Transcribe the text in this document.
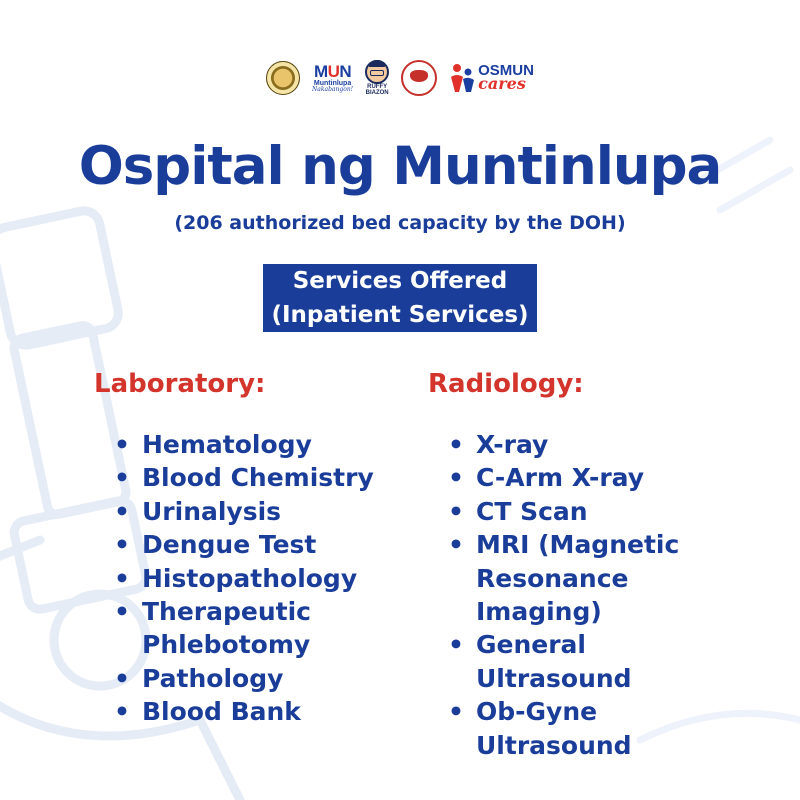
MUN
Muntinlupa
Nakabangon! RUFFY
BIAZON
OSMUN
cares
Ospital ng Muntinlupa
(206 authorized bed capacity by the DOH)
Services Offered
(Inpatient Services)
Laboratory:
• Hematology
• Blood Chemistry
• Urinalysis
• Dengue Test
• Histopathology
• Therapeutic Phlebotomy
• Pathology
• Blood Bank
Radiology:
• X-ray
• C-Arm X-ray
• CT Scan
• MRI (Magnetic Resonance Imaging)
• General Ultrasound
• Ob-Gyne Ultrasound
